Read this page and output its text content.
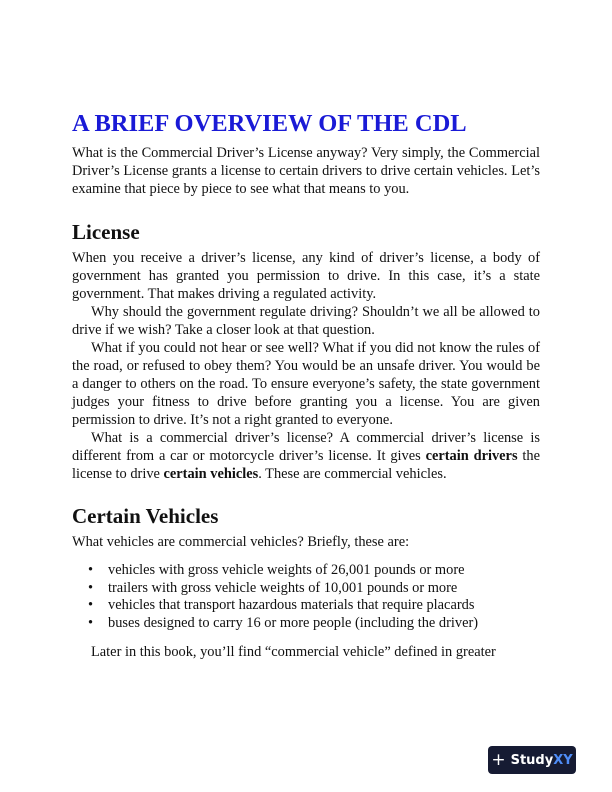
A BRIEF OVERVIEW OF THE CDL

What is the Commercial Driver’s License anyway? Very simply, the Commercial Driver’s License grants a license to certain drivers to drive certain vehicles. Let’s examine that piece by piece to see what that means to you.

License

When you receive a driver’s license, any kind of driver’s license, a body of government has granted you permission to drive. In this case, it’s a state government. That makes driving a regulated activity.

Why should the government regulate driving? Shouldn’t we all be allowed to drive if we wish? Take a closer look at that question.

What if you could not hear or see well? What if you did not know the rules of the road, or refused to obey them? You would be an unsafe driver. You would be a danger to others on the road. To ensure everyone’s safety, the state government judges your fitness to drive before granting you a license. You are given permission to drive. It’s not a right granted to everyone.

What is a commercial driver’s license? A commercial driver’s license is different from a car or motorcycle driver’s license. It gives certain drivers the license to drive certain vehicles. These are commercial vehicles.

Certain Vehicles

What vehicles are commercial vehicles? Briefly, these are:

• vehicles with gross vehicle weights of 26,001 pounds or more
• trailers with gross vehicle weights of 10,001 pounds or more
• vehicles that transport hazardous materials that require placards
• buses designed to carry 16 or more people (including the driver)

Later in this book, you’ll find “commercial vehicle” defined in greater

+ StudyXY
